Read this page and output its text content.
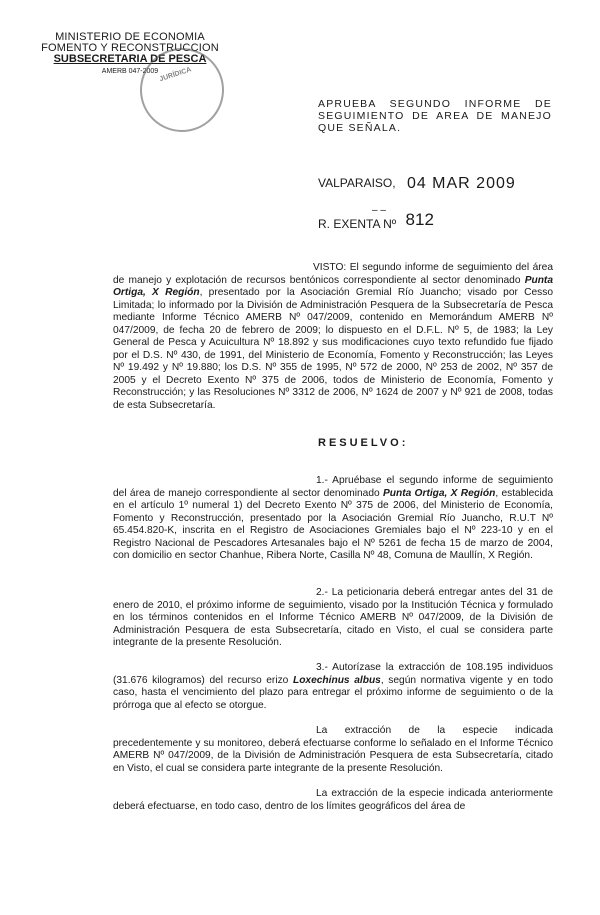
MINISTERIO DE ECONOMIA
FOMENTO Y RECONSTRUCCION
SUBSECRETARIA DE PESCA
AMERB 047-2009 JURÍDICA
APRUEBA SEGUNDO INFORME DE SEGUIMIENTO DE AREA DE MANEJO QUE SEÑALA.
VALPARAISO, 04 MAR 2009
– –
R. EXENTA Nº 812
VISTO: El segundo informe de seguimiento del área de manejo y explotación de recursos bentónicos correspondiente al sector denominado Punta Ortiga, X Región, presentado por la Asociación Gremial Río Juancho; visado por Cesso Limitada; lo informado por la División de Administración Pesquera de la Subsecretaría de Pesca mediante Informe Técnico AMERB Nº 047/2009, contenido en Memorándum AMERB Nº 047/2009, de fecha 20 de febrero de 2009; lo dispuesto en el D.F.L. Nº 5, de 1983; la Ley General de Pesca y Acuicultura Nº 18.892 y sus modificaciones cuyo texto refundido fue fijado por el D.S. Nº 430, de 1991, del Ministerio de Economía, Fomento y Reconstrucción; las Leyes Nº 19.492 y Nº 19.880; los D.S. Nº 355 de 1995, Nº 572 de 2000, Nº 253 de 2002, Nº 357 de 2005 y el Decreto Exento Nº 375 de 2006, todos de Ministerio de Economía, Fomento y Reconstrucción; y las Resoluciones Nº 3312 de 2006, Nº 1624 de 2007 y Nº 921 de 2008, todas de esta Subsecretaría.
RESUELVO:
1.- Apruébase el segundo informe de seguimiento del área de manejo correspondiente al sector denominado Punta Ortiga, X Región, establecida en el artículo 1º numeral 1) del Decreto Exento Nº 375 de 2006, del Ministerio de Economía, Fomento y Reconstrucción, presentado por la Asociación Gremial Río Juancho, R.U.T Nº 65.454.820-K, inscrita en el Registro de Asociaciones Gremiales bajo el Nº 223-10 y en el Registro Nacional de Pescadores Artesanales bajo el Nº 5261 de fecha 15 de marzo de 2004, con domicilio en sector Chanhue, Ribera Norte, Casilla Nº 48, Comuna de Maullín, X Región.
2.- La peticionaria deberá entregar antes del 31 de enero de 2010, el próximo informe de seguimiento, visado por la Institución Técnica y formulado en los términos contenidos en el Informe Técnico AMERB Nº 047/2009, de la División de Administración Pesquera de esta Subsecretaría, citado en Visto, el cual se considera parte integrante de la presente Resolución.
3.- Autorízase la extracción de 108.195 individuos (31.676 kilogramos) del recurso erizo Loxechinus albus, según normativa vigente y en todo caso, hasta el vencimiento del plazo para entregar el próximo informe de seguimiento o de la prórroga que al efecto se otorgue.
La extracción de la especie indicada precedentemente y su monitoreo, deberá efectuarse conforme lo señalado en el Informe Técnico AMERB Nº 047/2009, de la División de Administración Pesquera de esta Subsecretaría, citado en Visto, el cual se considera parte integrante de la presente Resolución.
La extracción de la especie indicada anteriormente deberá efectuarse, en todo caso, dentro de los límites geográficos del área de
